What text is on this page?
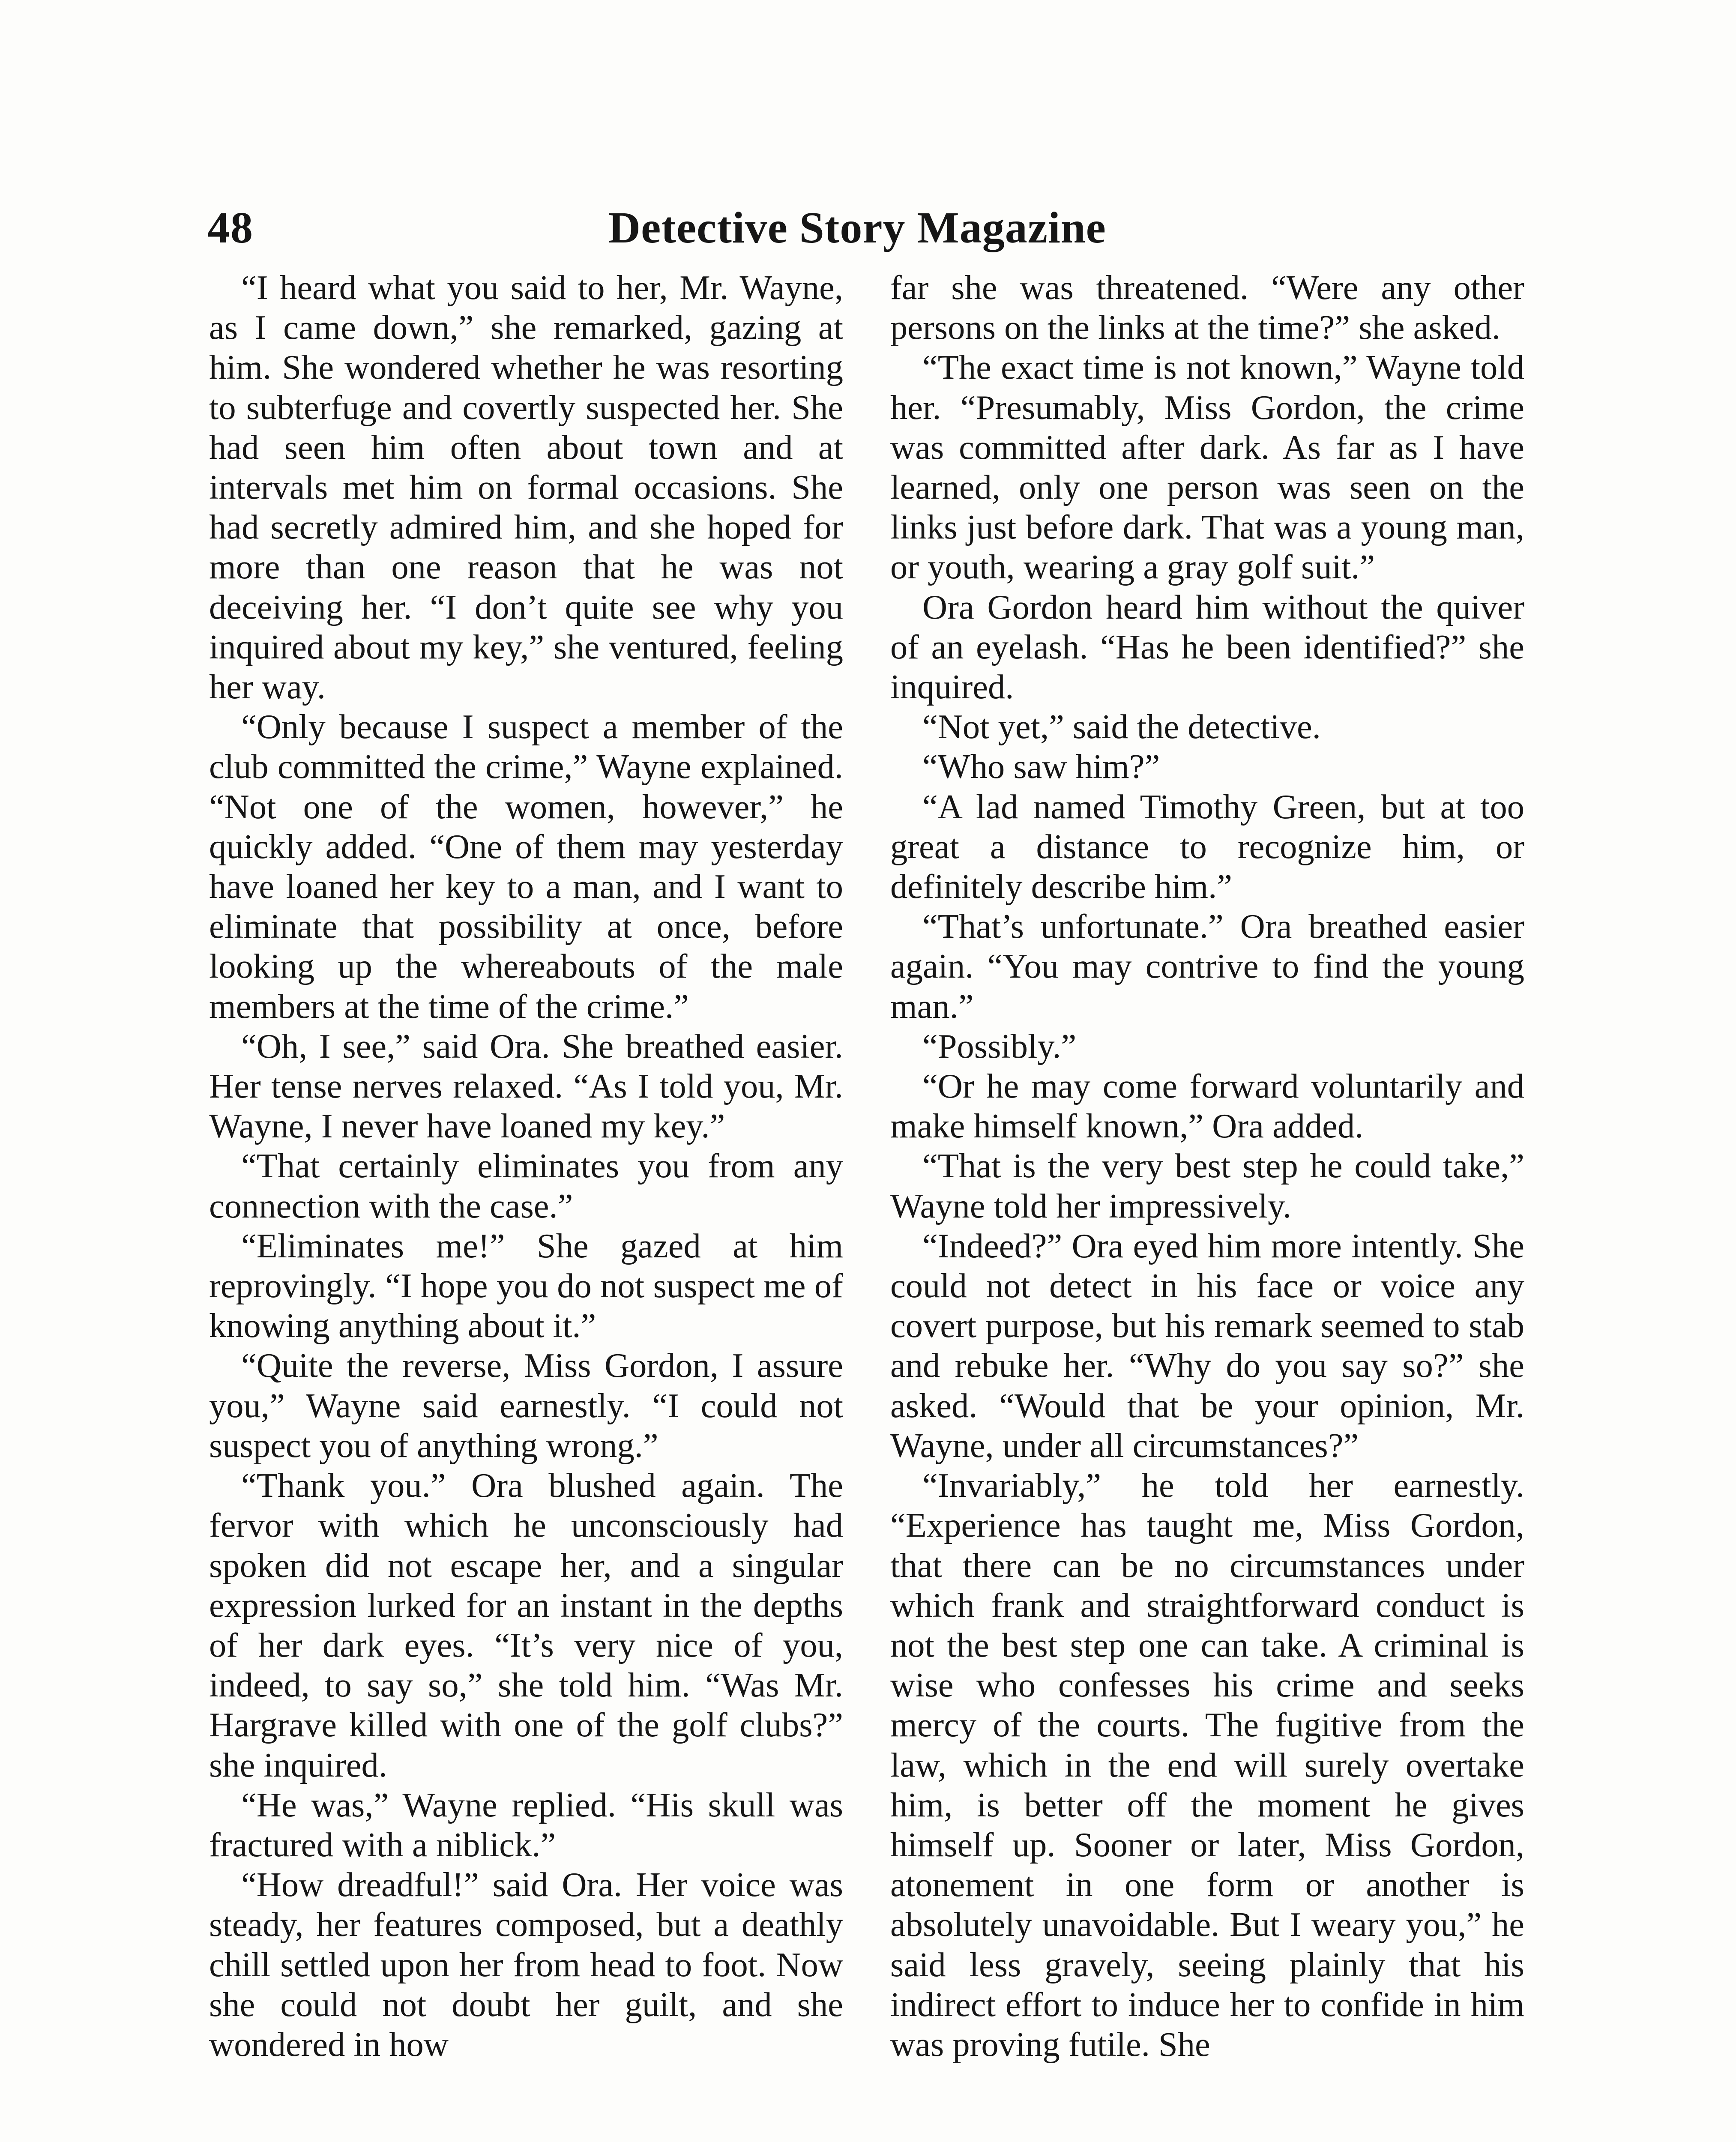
48	Detective Story Magazine

“I heard what you said to her, Mr. Wayne, as I came down,” she remarked, gazing at him. She wondered whether he was resorting to subterfuge and covertly suspected her. She had seen him often about town and at intervals met him on formal occasions. She had secretly admired him, and she hoped for more than one reason that he was not deceiving her. “I don’t quite see why you inquired about my key,” she ventured, feeling her way.

“Only because I suspect a member of the club committed the crime,” Wayne explained. “Not one of the women, however,” he quickly added. “One of them may yesterday have loaned her key to a man, and I want to eliminate that possibility at once, before looking up the whereabouts of the male members at the time of the crime.”

“Oh, I see,” said Ora. She breathed easier. Her tense nerves relaxed. “As I told you, Mr. Wayne, I never have loaned my key.”

“That certainly eliminates you from any connection with the case.”

“Eliminates me!” She gazed at him reprovingly. “I hope you do not suspect me of knowing anything about it.”

“Quite the reverse, Miss Gordon, I assure you,” Wayne said earnestly. “I could not suspect you of anything wrong.”

“Thank you.” Ora blushed again. The fervor with which he unconsciously had spoken did not escape her, and a singular expression lurked for an instant in the depths of her dark eyes. “It’s very nice of you, indeed, to say so,” she told him. “Was Mr. Hargrave killed with one of the golf clubs?” she inquired.

“He was,” Wayne replied. “His skull was fractured with a niblick.”

“How dreadful!” said Ora. Her voice was steady, her features composed, but a deathly chill settled upon her from head to foot. Now she could not doubt her guilt, and she wondered in how

far she was threatened. “Were any other persons on the links at the time?” she asked.

“The exact time is not known,” Wayne told her. “Presumably, Miss Gordon, the crime was committed after dark. As far as I have learned, only one person was seen on the links just before dark. That was a young man, or youth, wearing a gray golf suit.”

Ora Gordon heard him without the quiver of an eyelash. “Has he been identified?” she inquired.

“Not yet,” said the detective.

“Who saw him?”

“A lad named Timothy Green, but at too great a distance to recognize him, or definitely describe him.”

“That’s unfortunate.” Ora breathed easier again. “You may contrive to find the young man.”

“Possibly.”

“Or he may come forward voluntarily and make himself known,” Ora added.

“That is the very best step he could take,” Wayne told her impressively.

“Indeed?” Ora eyed him more intently. She could not detect in his face or voice any covert purpose, but his remark seemed to stab and rebuke her. “Why do you say so?” she asked. “Would that be your opinion, Mr. Wayne, under all circumstances?”

“Invariably,” he told her earnestly. “Experience has taught me, Miss Gordon, that there can be no circumstances under which frank and straightforward conduct is not the best step one can take. A criminal is wise who confesses his crime and seeks mercy of the courts. The fugitive from the law, which in the end will surely overtake him, is better off the moment he gives himself up. Sooner or later, Miss Gordon, atonement in one form or another is absolutely unavoidable. But I weary you,” he said less gravely, seeing plainly that his indirect effort to induce her to confide in him was proving futile. She
